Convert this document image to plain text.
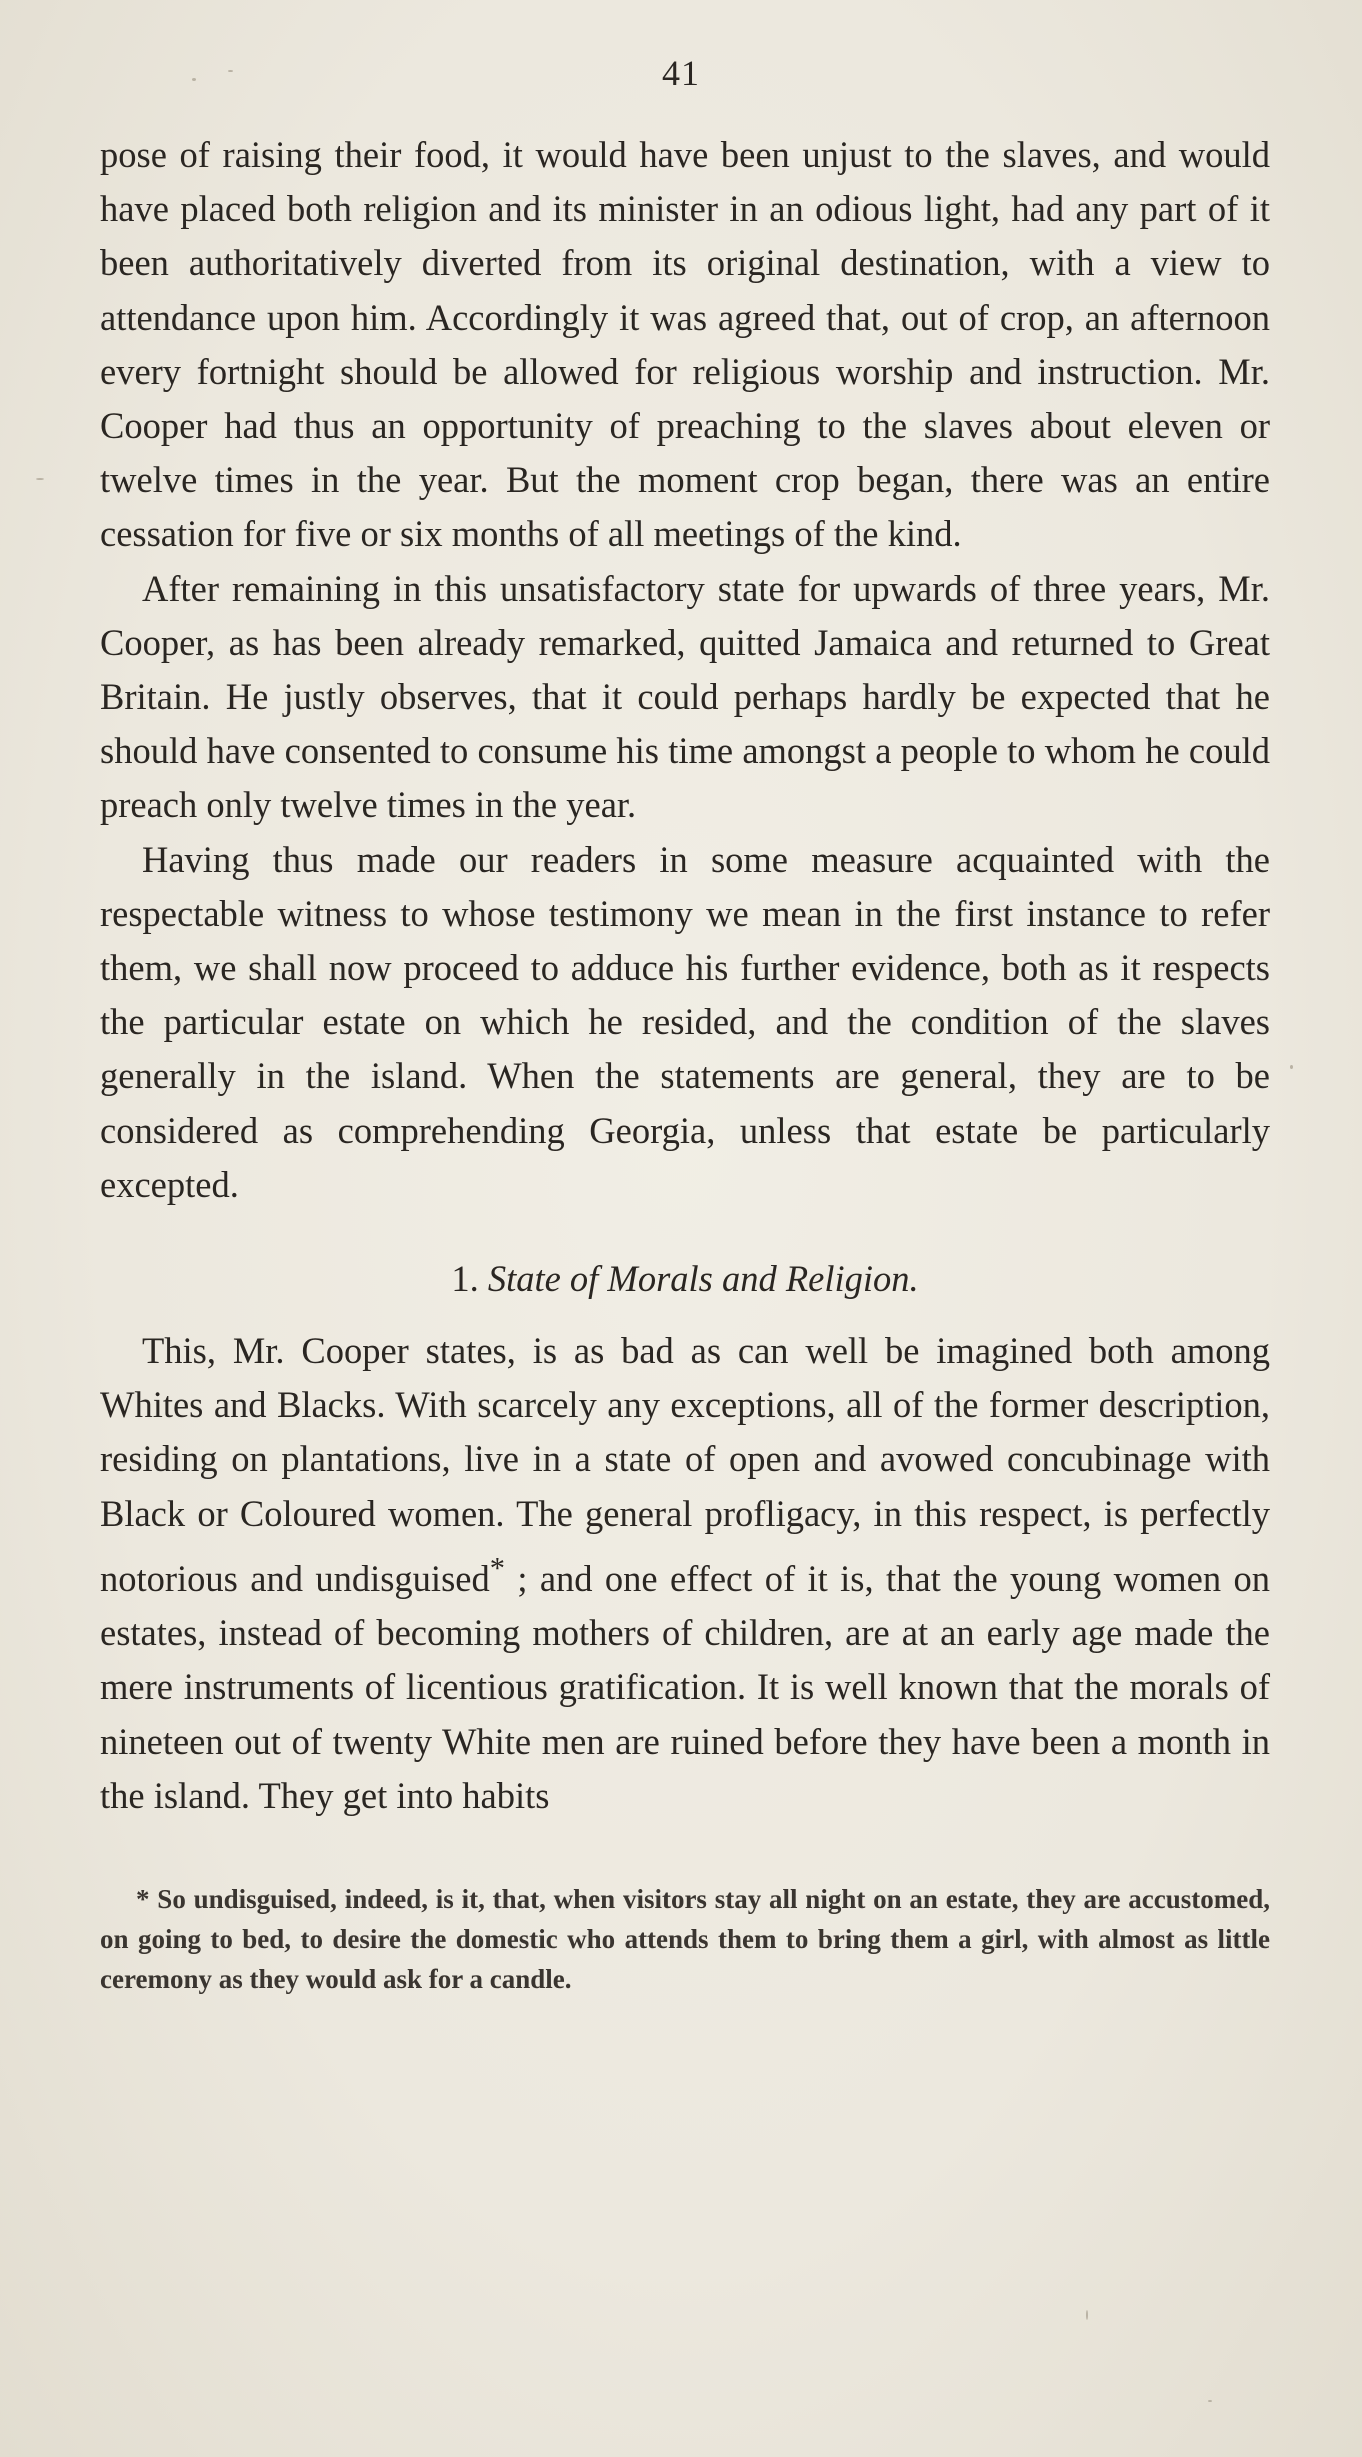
41

pose of raising their food, it would have been unjust to the slaves, and would have placed both religion and its minister in an odious light, had any part of it been authoritatively diverted from its original destination, with a view to attendance upon him. Accordingly it was agreed that, out of crop, an afternoon every fortnight should be allowed for religious worship and instruction. Mr. Cooper had thus an opportunity of preaching to the slaves about eleven or twelve times in the year. But the moment crop began, there was an entire cessation for five or six months of all meetings of the kind.

After remaining in this unsatisfactory state for upwards of three years, Mr. Cooper, as has been already remarked, quitted Jamaica and returned to Great Britain. He justly observes, that it could perhaps hardly be expected that he should have consented to consume his time amongst a people to whom he could preach only twelve times in the year.

Having thus made our readers in some measure acquainted with the respectable witness to whose testimony we mean in the first instance to refer them, we shall now proceed to adduce his further evidence, both as it respects the particular estate on which he resided, and the condition of the slaves generally in the island. When the statements are general, they are to be considered as comprehending Georgia, unless that estate be particularly excepted.

1. State of Morals and Religion.

This, Mr. Cooper states, is as bad as can well be imagined both among Whites and Blacks. With scarcely any exceptions, all of the former description, residing on plantations, live in a state of open and avowed concubinage with Black or Coloured women. The general profligacy, in this respect, is perfectly notorious and undisguised* ; and one effect of it is, that the young women on estates, instead of becoming mothers of children, are at an early age made the mere instruments of licentious gratification. It is well known that the morals of nineteen out of twenty White men are ruined before they have been a month in the island. They get into habits

* So undisguised, indeed, is it, that, when visitors stay all night on an estate, they are accustomed, on going to bed, to desire the domestic who attends them to bring them a girl, with almost as little ceremony as they would ask for a candle.
